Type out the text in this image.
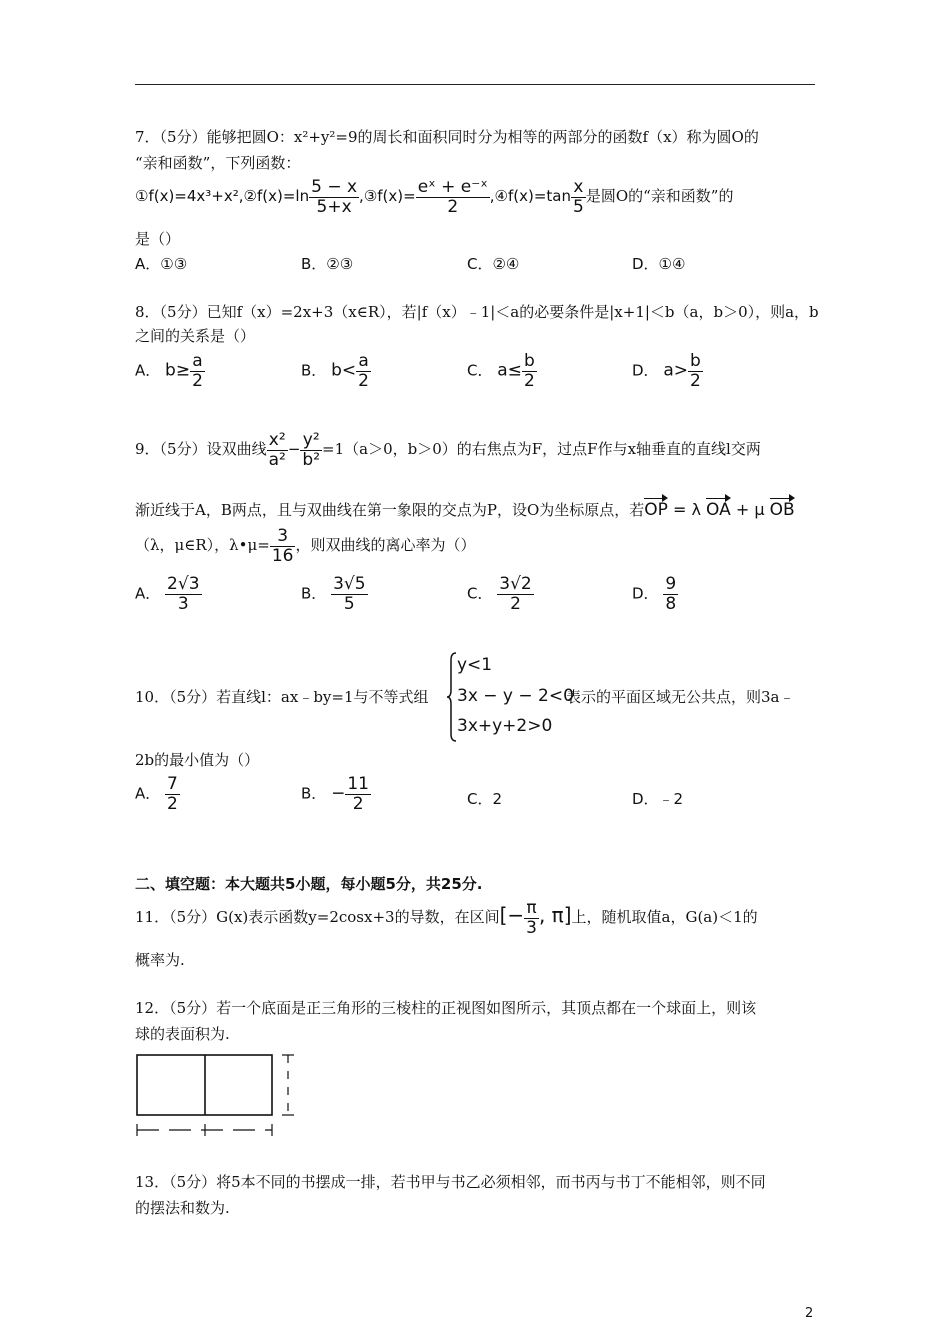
7．（5分）能够把圆O：x²+y²=9的周长和面积同时分为相等的两部分的函数f（x）称为圆O的
“亲和函数”，下列函数：
①f(x)=4x³+x²,②f(x)=ln $\frac{5 - x}{5+x}$ ,③f(x)= $\frac{\text{eˣ + e⁻ˣ}}{2}$ ,④f(x)=tan $\frac{x}{5}$ 是圆O的“亲和函数”的
是（）
A．①③	B．②③	C．②④	D．①④
8．（5分）已知f（x）=2x+3（x∈R），若|f（x）﹣1|＜a的必要条件是|x+1|＜b（a，b＞0），则a，b
之间的关系是（）
A． $b\ge \frac{a}{2}$	B． $b< \frac{a}{2}$	C． $a\le \frac{b}{2}$	D． $a> \frac{b}{2}$
9．（5分）设双曲线 $\frac{\text{x²}}{\text{a²}} - \frac{\text{y²}}{\text{b²}} =1(a>0$，b＞0）的右焦点为F，过点F作与x轴垂直的直线l交两
渐近线于A，B两点，且与双曲线在第一象限的交点为P，设O为坐标原点，若OP = λ OA + μ OB
（λ，μ∈R），λ•μ= $\frac{3}{16}$ ，则双曲线的离心率为（）
A． $\frac{2√3}{3}$	B． $\frac{3√5}{5}$	C． $\frac{3√2}{2}$	D． $\frac{9}{8}$
10．（5分）若直线l：ax﹣by=1与不等式组
y<1
3x − y − 2<0
3x+y+2>0
表示的平面区域无公共点，则3a﹣
2b的最小值为（）
A． $\frac{7}{2}$	B． − $\frac{11}{2}$	C．2	D．﹣2
二、填空题：本大题共5小题，每小题5分，共25分.
11．（5分）G(x)表示函数y=2cosx+3的导数，在区间[− $\frac{\pi}{3}$ , π]上，随机取值a，G(a)＜1的
概率为.
12．（5分）若一个底面是正三角形的三棱柱的正视图如图所示，其顶点都在一个球面上，则该
球的表面积为.
13．（5分）将5本不同的书摆成一排，若书甲与书乙必须相邻，而书丙与书丁不能相邻，则不同
的摆法和数为.
2
